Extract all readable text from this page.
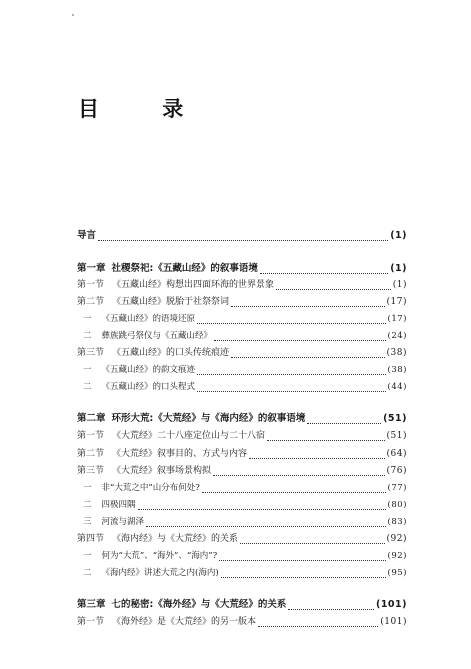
目 录
导言	(1)
第一章 社稷祭祀:《五藏山经》的叙事语境	(1)
第一节 《五藏山经》构想出四面环海的世界景象	(1)
第二节 《五藏山经》脱胎于社祭祭词	(17)
一 《五藏山经》的语境还原	(17)
二 彝族跳弓祭仪与《五藏山经》	(24)
第三节 《五藏山经》的口头传统痕迹	(38)
一 《五藏山经》的韵文痕迹	(38)
二 《五藏山经》的口头程式	(44)
第二章 环形大荒:《大荒经》与《海内经》的叙事语境	(51)
第一节 《大荒经》二十八座定位山与二十八宿	(51)
第二节 《大荒经》叙事目的、方式与内容	(64)
第三节 《大荒经》叙事场景构拟	(76)
一 非“大荒之中”山分布何处?	(77)
二 四极四隅	(80)
三 河流与湖泽	(83)
第四节 《海内经》与《大荒经》的关系	(92)
一 何为“大荒”、“海外”、“海内”?	(92)
二 《海内经》讲述大荒之内(海内)	(95)
第三章 七的秘密:《海外经》与《大荒经》的关系	(101)
第一节 《海外经》是《大荒经》的另一版本	(101)
